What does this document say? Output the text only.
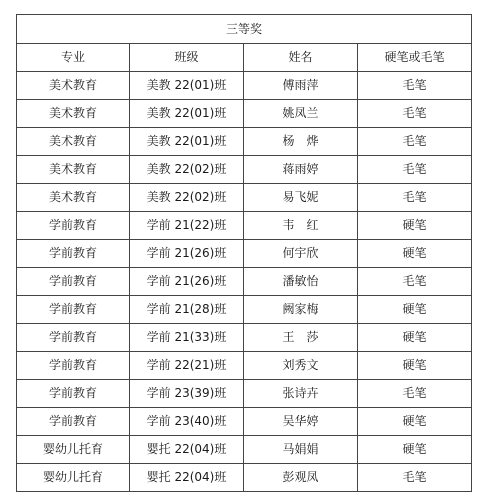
三等奖			
专业	班级	姓名	硬笔或毛笔
美术教育	美教 22(01)班	傅雨萍	毛笔
美术教育	美教 22(01)班	姚凤兰	毛笔
美术教育	美教 22(01)班	杨　烨	毛笔
美术教育	美教 22(02)班	蒋雨婷	毛笔
美术教育	美教 22(02)班	易飞妮	毛笔
学前教育	学前 21(22)班	韦　红	硬笔
学前教育	学前 21(26)班	何宇欣	硬笔
学前教育	学前 21(26)班	潘敏怡	毛笔
学前教育	学前 21(28)班	阙家梅	硬笔
学前教育	学前 21(33)班	王　莎	硬笔
学前教育	学前 22(21)班	刘秀文	硬笔
学前教育	学前 23(39)班	张诗卉	毛笔
学前教育	学前 23(40)班	吴华婷	硬笔
婴幼儿托育	婴托 22(04)班	马娟娟	硬笔
婴幼儿托育	婴托 22(04)班	彭观凤	毛笔
